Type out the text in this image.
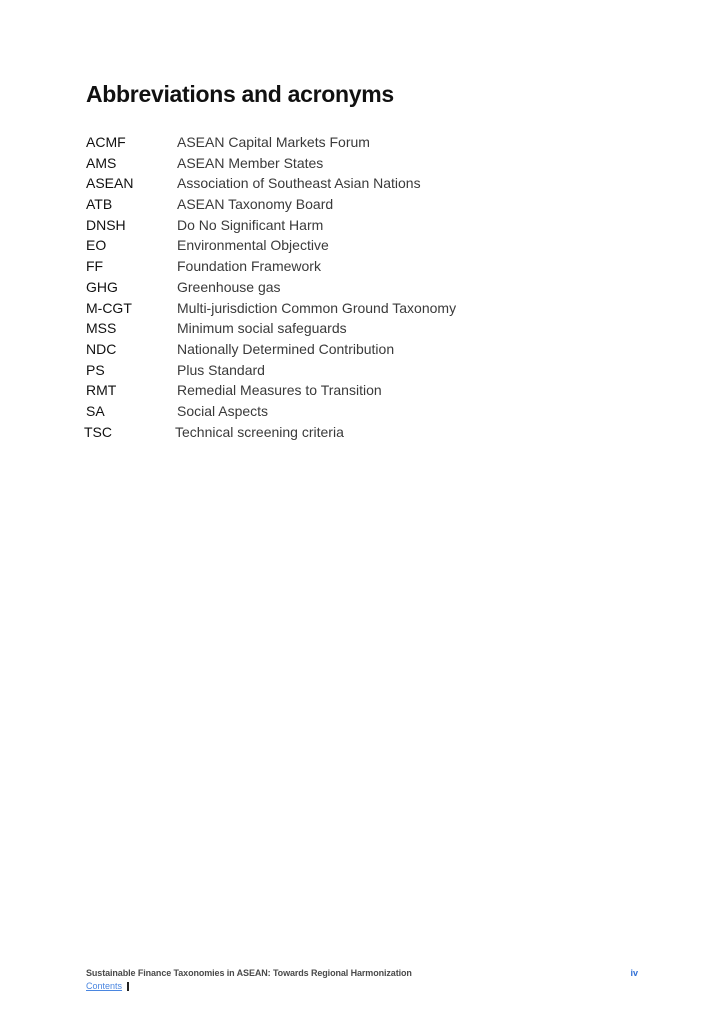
Abbreviations and acronyms
ACMF	ASEAN Capital Markets Forum
AMS	ASEAN Member States
ASEAN	Association of Southeast Asian Nations
ATB	ASEAN Taxonomy Board
DNSH	Do No Significant Harm
EO	Environmental Objective
FF	Foundation Framework
GHG	Greenhouse gas
M-CGT	Multi-jurisdiction Common Ground Taxonomy
MSS	Minimum social safeguards
NDC	Nationally Determined Contribution
PS	Plus Standard
RMT	Remedial Measures to Transition
SA	Social Aspects
TSC	Technical screening criteria
Sustainable Finance Taxonomies in ASEAN: Towards Regional Harmonization	iv
Contents
